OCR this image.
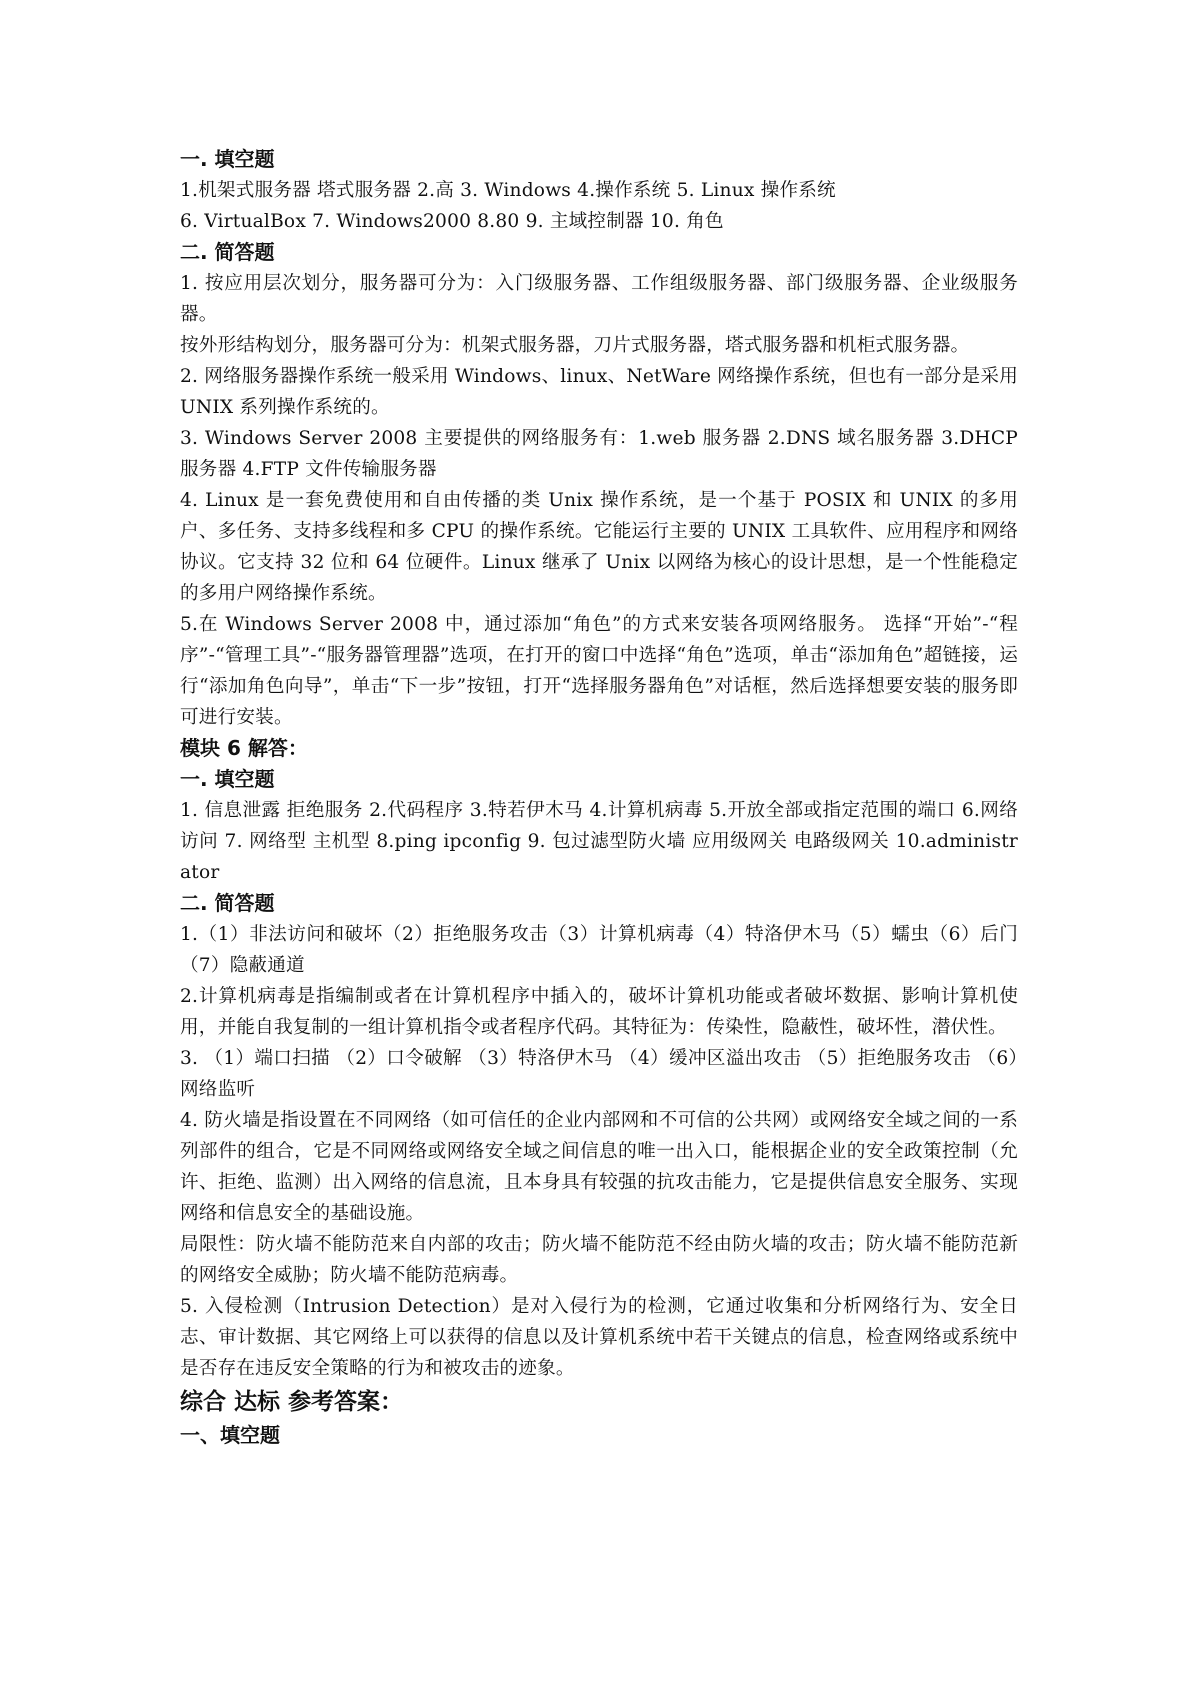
一. 填空题

1.机架式服务器 塔式服务器 2.高 3. Windows 4.操作系统 5. Linux 操作系统

6. VirtualBox 7. Windows2000 8.80 9. 主域控制器 10. 角色

二. 简答题

1. 按应用层次划分，服务器可分为：入门级服务器、工作组级服务器、部门级服务器、企业级服务器。

按外形结构划分，服务器可分为：机架式服务器，刀片式服务器，塔式服务器和机柜式服务器。

2. 网络服务器操作系统一般采用 Windows、linux、NetWare 网络操作系统，但也有一部分是采用 UNIX 系列操作系统的。

3. Windows Server 2008 主要提供的网络服务有：1.web 服务器 2.DNS 域名服务器 3.DHCP 服务器 4.FTP 文件传输服务器

4. Linux 是一套免费使用和自由传播的类 Unix 操作系统，是一个基于 POSIX 和 UNIX 的多用户、多任务、支持多线程和多 CPU 的操作系统。它能运行主要的 UNIX 工具软件、应用程序和网络协议。它支持 32 位和 64 位硬件。Linux 继承了 Unix 以网络为核心的设计思想，是一个性能稳定的多用户网络操作系统。

5.在 Windows Server 2008 中，通过添加“角色”的方式来安装各项网络服务。 选择“开始”-“程序”-“管理工具”-“服务器管理器”选项，在打开的窗口中选择“角色”选项，单击“添加角色”超链接，运行“添加角色向导”，单击“下一步”按钮，打开“选择服务器角色”对话框，然后选择想要安装的服务即可进行安装。

模块 6 解答：
一. 填空题

1. 信息泄露 拒绝服务 2.代码程序 3.特若伊木马 4.计算机病毒 5.开放全部或指定范围的端口 6.网络访问 7. 网络型 主机型 8.ping ipconfig 9. 包过滤型防火墙 应用级网关 电路级网关 10.administrator

二. 简答题

1.（1）非法访问和破坏（2）拒绝服务攻击（3）计算机病毒（4）特洛伊木马（5）蠕虫（6）后门（7）隐蔽通道

2.计算机病毒是指编制或者在计算机程序中插入的，破坏计算机功能或者破坏数据、影响计算机使用，并能自我复制的一组计算机指令或者程序代码。其特征为：传染性，隐蔽性，破坏性，潜伏性。

3. （1）端口扫描 （2）口令破解 （3）特洛伊木马 （4）缓冲区溢出攻击 （5）拒绝服务攻击 （6）网络监听

4. 防火墙是指设置在不同网络（如可信任的企业内部网和不可信的公共网）或网络安全域之间的一系列部件的组合，它是不同网络或网络安全域之间信息的唯一出入口，能根据企业的安全政策控制（允许、拒绝、监测）出入网络的信息流，且本身具有较强的抗攻击能力，它是提供信息安全服务、实现网络和信息安全的基础设施。

局限性：防火墙不能防范来自内部的攻击；防火墙不能防范不经由防火墙的攻击；防火墙不能防范新的网络安全威胁；防火墙不能防范病毒。

5. 入侵检测（Intrusion Detection）是对入侵行为的检测，它通过收集和分析网络行为、安全日志、审计数据、其它网络上可以获得的信息以及计算机系统中若干关键点的信息，检查网络或系统中是否存在违反安全策略的行为和被攻击的迹象。

综合 达标 参考答案：
一、填空题
